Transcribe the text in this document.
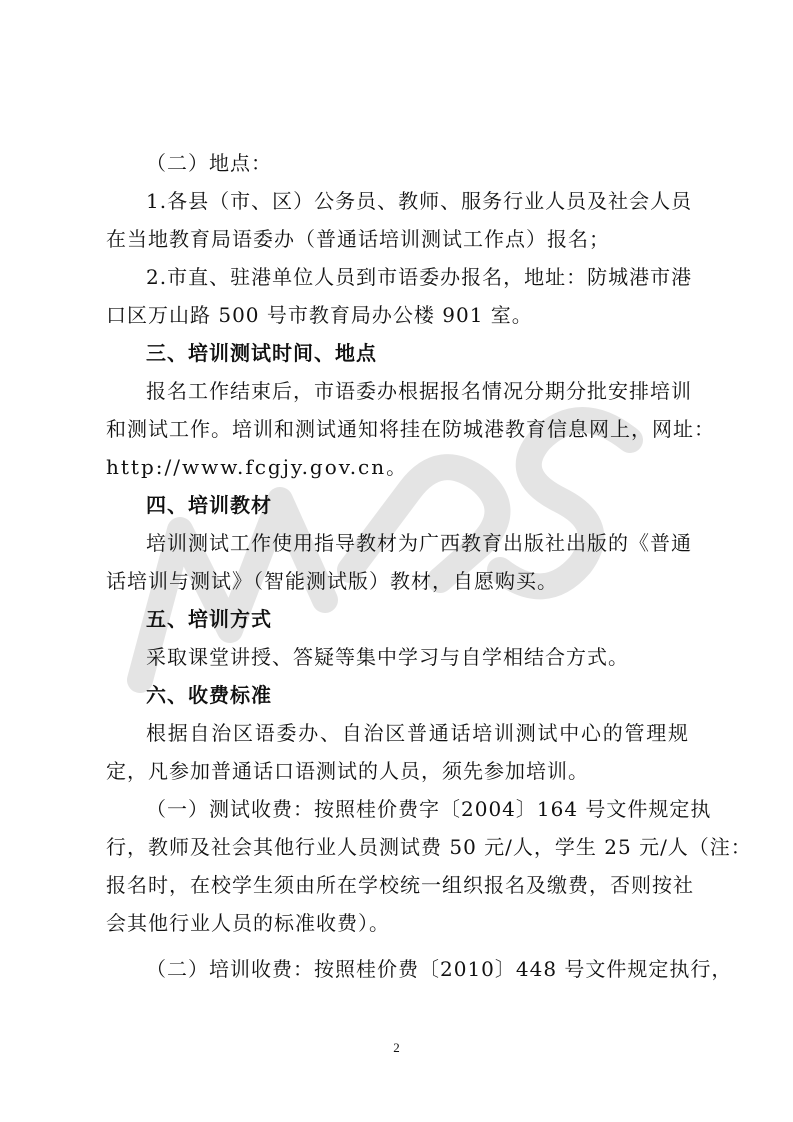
（二）地点：
1.各县（市、区）公务员、教师、服务行业人员及社会人员
在当地教育局语委办（普通话培训测试工作点）报名；
2.市直、驻港单位人员到市语委办报名，地址：防城港市港
口区万山路 500 号市教育局办公楼 901 室。
三、培训测试时间、地点
报名工作结束后，市语委办根据报名情况分期分批安排培训
和测试工作。培训和测试通知将挂在防城港教育信息网上，网址：
http://www.fcgjy.gov.cn。
四、培训教材
培训测试工作使用指导教材为广西教育出版社出版的《普通
话培训与测试》（智能测试版）教材，自愿购买。
五、培训方式
采取课堂讲授、答疑等集中学习与自学相结合方式。
六、收费标准
根据自治区语委办、自治区普通话培训测试中心的管理规
定，凡参加普通话口语测试的人员，须先参加培训。
（一）测试收费：按照桂价费字〔2004〕164 号文件规定执
行，教师及社会其他行业人员测试费 50 元/人，学生 25 元/人（注：
报名时，在校学生须由所在学校统一组织报名及缴费，否则按社
会其他行业人员的标准收费）。
（二）培训收费：按照桂价费〔2010〕448 号文件规定执行，
2
